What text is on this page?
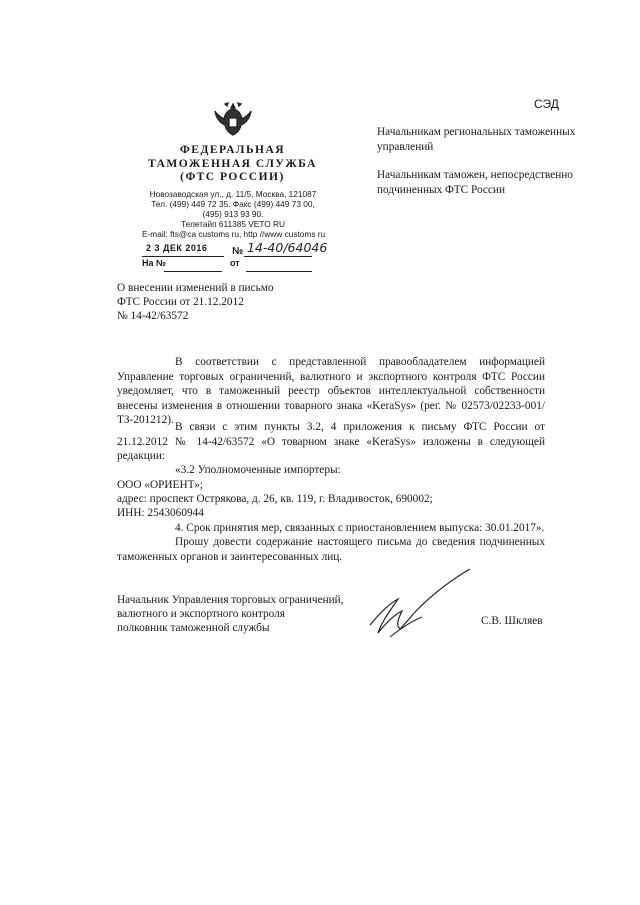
СЭД
ФЕДЕРАЛЬНАЯ
ТАМОЖЕННАЯ СЛУЖБА
(ФТС РОССИИ)
Новозаводская ул., д. 11/5, Москва, 121087
Тел. (499) 449 72 35. Факс (499) 449 73 00,
(495) 913 93 90.
Телетайп 611385 VETO RU
E-mail: fts@ca customs ru, http //www customs ru
2 3 ДЕК 2016 № 14-40/64046
На №	от
Начальникам региональных таможенных управлений
Начальникам таможен, непосредственно подчиненных ФТС России
О внесении изменений в письмо
ФТС России от 21.12.2012
№ 14-42/63572
В соответствии с представленной правообладателем информацией Управление торговых ограничений, валютного и экспортного контроля ФТС России уведомляет, что в таможенный реестр объектов интеллектуальной собственности внесены изменения в отношении товарного знака «KeraSys» (рег. № 02573/02233-001/ТЗ-201212).
В связи с этим пункты 3.2, 4 приложения к письму ФТС России от 21.12.2012 № 14-42/63572 «О товарном знаке «KeraSys» изложены в следующей редакции:
«3.2 Уполномоченные импортеры:
ООО «ОРИЕНТ»;
адрес: проспект Острякова, д. 26, кв. 119, г. Владивосток, 690002;
ИНН: 2543060944
4. Срок принятия мер, связанных с приостановлением выпуска: 30.01.2017».
Прошу довести содержание настоящего письма до сведения подчиненных таможенных органов и заинтересованных лиц.
Начальник Управления торговых ограничений,
валютного и экспортного контроля
полковник таможенной службы
С.В. Шкляев
